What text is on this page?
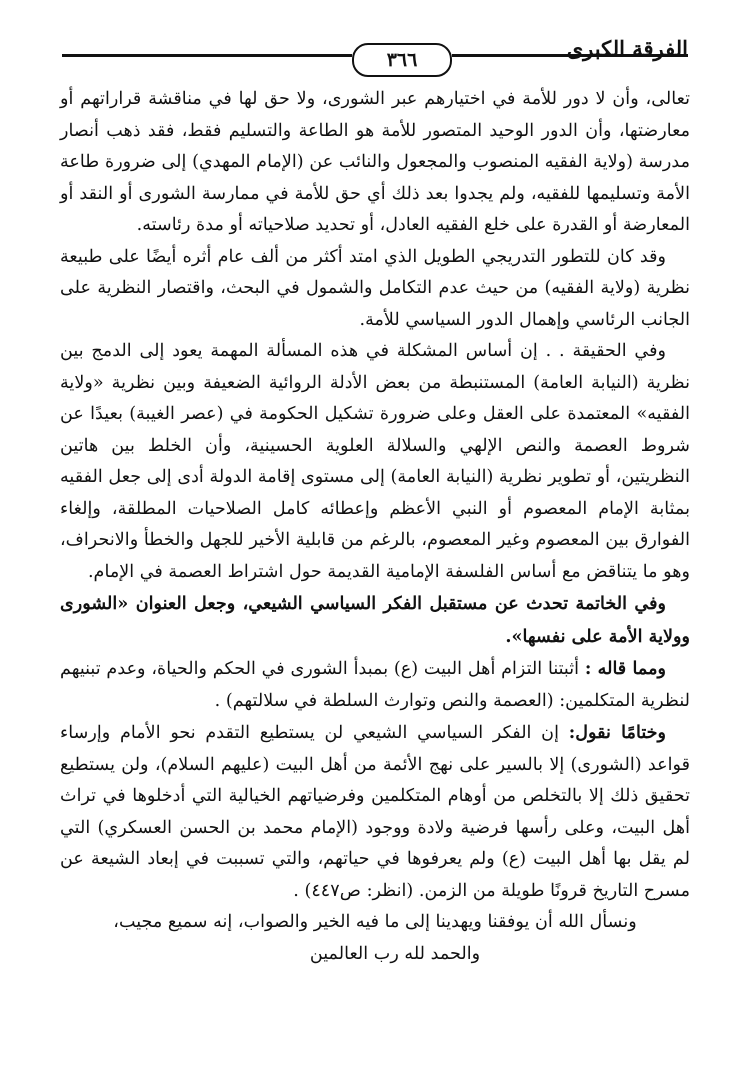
الفرقة الكبرى
٣٦٦

تعالى، وأن لا دور للأمة في اختيارهم عبر الشورى، ولا حق لها في مناقشة قراراتهم أو معارضتها، وأن الدور الوحيد المتصور للأمة هو الطاعة والتسليم فقط، فقد ذهب أنصار مدرسة (ولاية الفقيه المنصوب والمجعول والنائب عن (الإمام المهدي) إلى ضرورة طاعة الأمة وتسليمها للفقيه، ولم يجدوا بعد ذلك أي حق للأمة في ممارسة الشورى أو النقد أو المعارضة أو القدرة على خلع الفقيه العادل، أو تحديد صلاحياته أو مدة رئاسته.

وقد كان للتطور التدريجي الطويل الذي امتد أكثر من ألف عام أثره أيضًا على طبيعة نظرية (ولاية الفقيه) من حيث عدم التكامل والشمول في البحث، واقتصار النظرية على الجانب الرئاسي وإهمال الدور السياسي للأمة.

وفي الحقيقة . . إن أساس المشكلة في هذه المسألة المهمة يعود إلى الدمج بين نظرية (النيابة العامة) المستنبطة من بعض الأدلة الروائية الضعيفة وبين نظرية «ولاية الفقيه» المعتمدة على العقل وعلى ضرورة تشكيل الحكومة في (عصر الغيبة) بعيدًا عن شروط العصمة والنص الإلهي والسلالة العلوية الحسينية، وأن الخلط بين هاتين النظريتين، أو تطوير نظرية (النيابة العامة) إلى مستوى إقامة الدولة أدى إلى جعل الفقيه بمثابة الإمام المعصوم أو النبي الأعظم وإعطائه كامل الصلاحيات المطلقة، وإلغاء الفوارق بين المعصوم وغير المعصوم، بالرغم من قابلية الأخير للجهل والخطأ والانحراف، وهو ما يتناقض مع أساس الفلسفة الإمامية القديمة حول اشتراط العصمة في الإمام.

وفي الخاتمة تحدث عن مستقبل الفكر السياسي الشيعي، وجعل العنوان «الشورى وولاية الأمة على نفسها».

ومما قاله : أثبتنا التزام أهل البيت (ع) بمبدأ الشورى في الحكم والحياة، وعدم تبنيهم لنظرية المتكلمين: (العصمة والنص وتوارث السلطة في سلالتهم) .

وختامًا نقول: إن الفكر السياسي الشيعي لن يستطيع التقدم نحو الأمام وإرساء قواعد (الشورى) إلا بالسير على نهج الأئمة من أهل البيت (عليهم السلام)، ولن يستطيع تحقيق ذلك إلا بالتخلص من أوهام المتكلمين وفرضياتهم الخيالية التي أدخلوها في تراث أهل البيت، وعلى رأسها فرضية ولادة ووجود (الإمام محمد بن الحسن العسكري) التي لم يقل بها أهل البيت (ع) ولم يعرفوها في حياتهم، والتي تسببت في إبعاد الشيعة عن مسرح التاريخ قرونًا طويلة من الزمن. (انظر: ص٤٤٧) .

ونسأل الله أن يوفقنا ويهدينا إلى ما فيه الخير والصواب، إنه سميع مجيب،

والحمد لله رب العالمين
